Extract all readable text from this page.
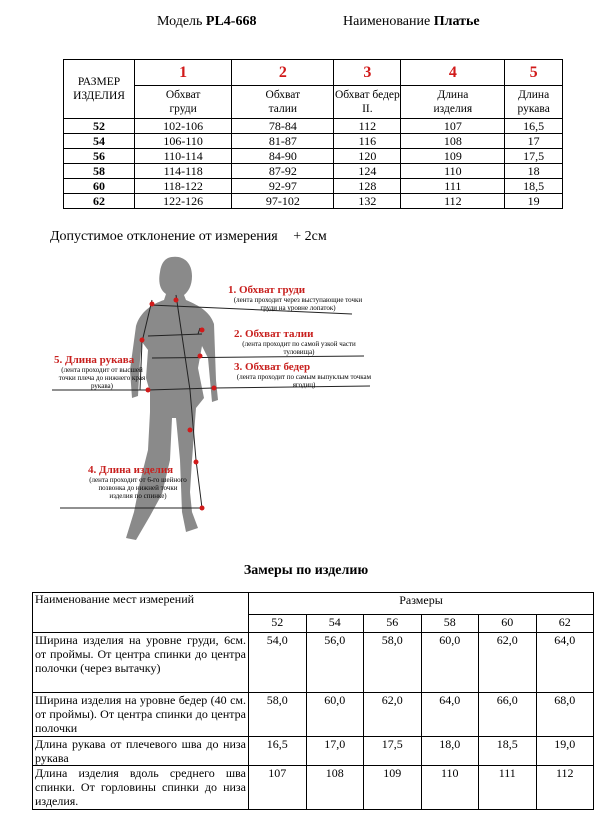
Модель PL4-668	Наименование Платье
РАЗМЕР ИЗДЕЛИЯ	1	2	3	4	5
	Обхват груди	Обхват талии	Обхват бедер II.	Длина изделия	Длина рукава
52	102-106	78-84	112	107	16,5
54	106-110	81-87	116	108	17
56	110-114	84-90	120	109	17,5
58	114-118	87-92	124	110	18
60	118-122	92-97	128	111	18,5
62	122-126	97-102	132	112	19
Допустимое отклонение от измерения + 2см
1. Обхват груди
(лента проходит через выступающие точки груди на уровне лопаток)
2. Обхват талии
(лента проходит по самой узкой части туловища)
3. Обхват бедер
(лента проходит по самым выпуклым точкам ягодиц)
5. Длина рукава
(лента проходит от высшей точки плеча до нижнего края рукава)
4. Длина изделия
(лента проходит от 6-го шейного позвонка до нижней точки изделия по спинке)
Замеры по изделию
Наименование мест измерений	Размеры					
	52	54	56	58	60	62
Ширина изделия на уровне груди, 6см. от проймы. От центра спинки до центра полочки (через вытачку)	54,0	56,0	58,0	60,0	62,0	64,0
Ширина изделия на уровне бедер (40 см. от проймы). От центра спинки до центра полочки	58,0	60,0	62,0	64,0	66,0	68,0
Длина рукава от плечевого шва до низа рукава	16,5	17,0	17,5	18,0	18,5	19,0
Длина изделия вдоль среднего шва спинки. От горловины спинки до низа изделия.	107	108	109	110	111	112
